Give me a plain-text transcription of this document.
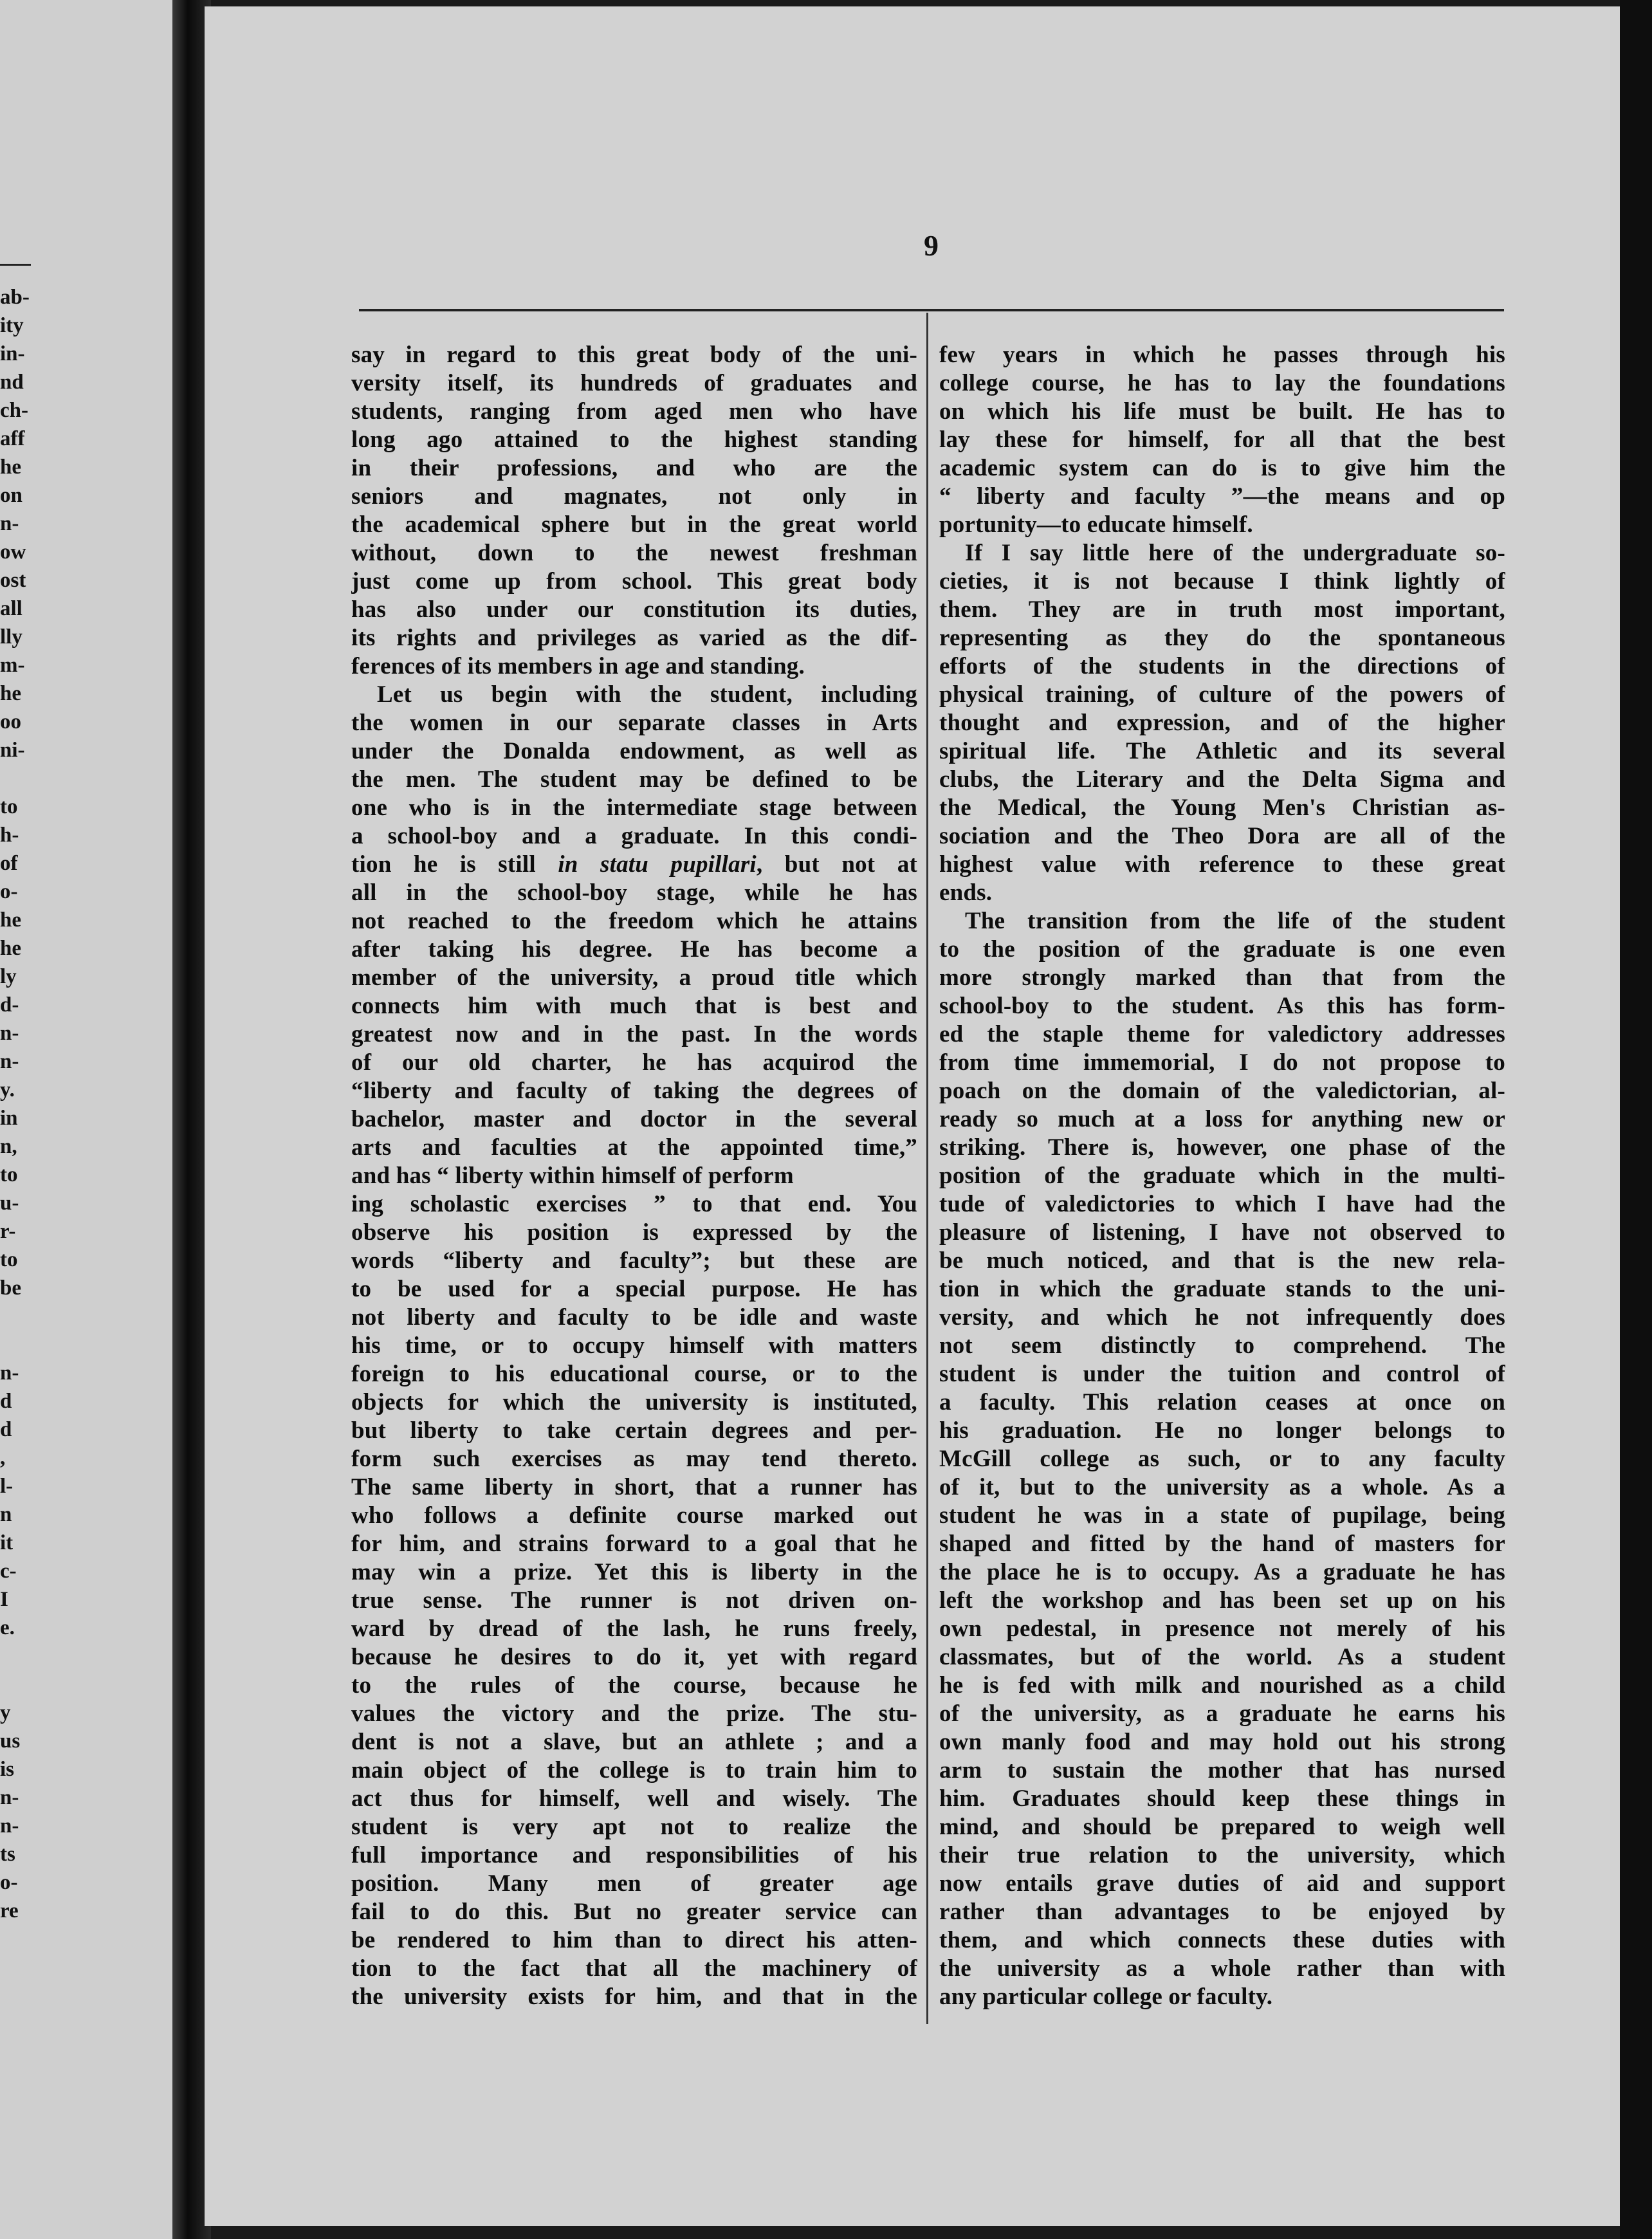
ab-
ity
in-
nd
ch-
aff
he
on
n-
ow
ost
all
lly
m-
he
oo
ni-
to
h-
of
o-
he
he
ly
d-
n-
n-
y.
in
n,
to
u-
r-
to
be
n-
d
d
,
l-
n
it
c-
I
e.
y
us
is
n-
n-
ts
o-
re
9
say in regard to this great body of the uni-
versity itself, its hundreds of graduates and
students, ranging from aged men who have
long ago attained to the highest standing
in their professions, and who are the
seniors and magnates, not only in
the academical sphere but in the great world
without, down to the newest freshman
just come up from school. This great body
has also under our constitution its duties,
its rights and privileges as varied as the dif-
ferences of its members in age and standing.
Let us begin with the student, including
the women in our separate classes in Arts
under the Donalda endowment, as well as
the men. The student may be defined to be
one who is in the intermediate stage between
a school-boy and a graduate. In this condi-
tion he is still in statu pupillari, but not at
all in the school-boy stage, while he has
not reached to the freedom which he attains
after taking his degree. He has become a
member of the university, a proud title which
connects him with much that is best and
greatest now and in the past. In the words
of our old charter, he has acquirod the
“liberty and faculty of taking the degrees of
bachelor, master and doctor in the several
arts and faculties at the appointed time,”
and has “ liberty within himself of perform
ing scholastic exercises ” to that end. You
observe his position is expressed by the
words “liberty and faculty”; but these are
to be used for a special purpose. He has
not liberty and faculty to be idle and waste
his time, or to occupy himself with matters
foreign to his educational course, or to the
objects for which the university is instituted,
but liberty to take certain degrees and per-
form such exercises as may tend thereto.
The same liberty in short, that a runner has
who follows a definite course marked out
for him, and strains forward to a goal that he
may win a prize. Yet this is liberty in the
true sense. The runner is not driven on-
ward by dread of the lash, he runs freely,
because he desires to do it, yet with regard
to the rules of the course, because he
values the victory and the prize. The stu-
dent is not a slave, but an athlete ; and a
main object of the college is to train him to
act thus for himself, well and wisely. The
student is very apt not to realize the
full importance and responsibilities of his
position. Many men of greater age
fail to do this. But no greater service can
be rendered to him than to direct his atten-
tion to the fact that all the machinery of
the university exists for him, and that in the
few years in which he passes through his
college course, he has to lay the foundations
on which his life must be built. He has to
lay these for himself, for all that the best
academic system can do is to give him the
“ liberty and faculty ”—the means and op
portunity—to educate himself.
If I say little here of the undergraduate so-
cieties, it is not because I think lightly of
them. They are in truth most important,
representing as they do the spontaneous
efforts of the students in the directions of
physical training, of culture of the powers of
thought and expression, and of the higher
spiritual life. The Athletic and its several
clubs, the Literary and the Delta Sigma and
the Medical, the Young Men's Christian as-
sociation and the Theo Dora are all of the
highest value with reference to these great
ends.
The transition from the life of the student
to the position of the graduate is one even
more strongly marked than that from the
school-boy to the student. As this has form-
ed the staple theme for valedictory addresses
from time immemorial, I do not propose to
poach on the domain of the valedictorian, al-
ready so much at a loss for anything new or
striking. There is, however, one phase of the
position of the graduate which in the multi-
tude of valedictories to which I have had the
pleasure of listening, I have not observed to
be much noticed, and that is the new rela-
tion in which the graduate stands to the uni-
versity, and which he not infrequently does
not seem distinctly to comprehend. The
student is under the tuition and control of
a faculty. This relation ceases at once on
his graduation. He no longer belongs to
McGill college as such, or to any faculty
of it, but to the university as a whole. As a
student he was in a state of pupilage, being
shaped and fitted by the hand of masters for
the place he is to occupy. As a graduate he has
left the workshop and has been set up on his
own pedestal, in presence not merely of his
classmates, but of the world. As a student
he is fed with milk and nourished as a child
of the university, as a graduate he earns his
own manly food and may hold out his strong
arm to sustain the mother that has nursed
him. Graduates should keep these things in
mind, and should be prepared to weigh well
their true relation to the university, which
now entails grave duties of aid and support
rather than advantages to be enjoyed by
them, and which connects these duties with
the university as a whole rather than with
any particular college or faculty.
